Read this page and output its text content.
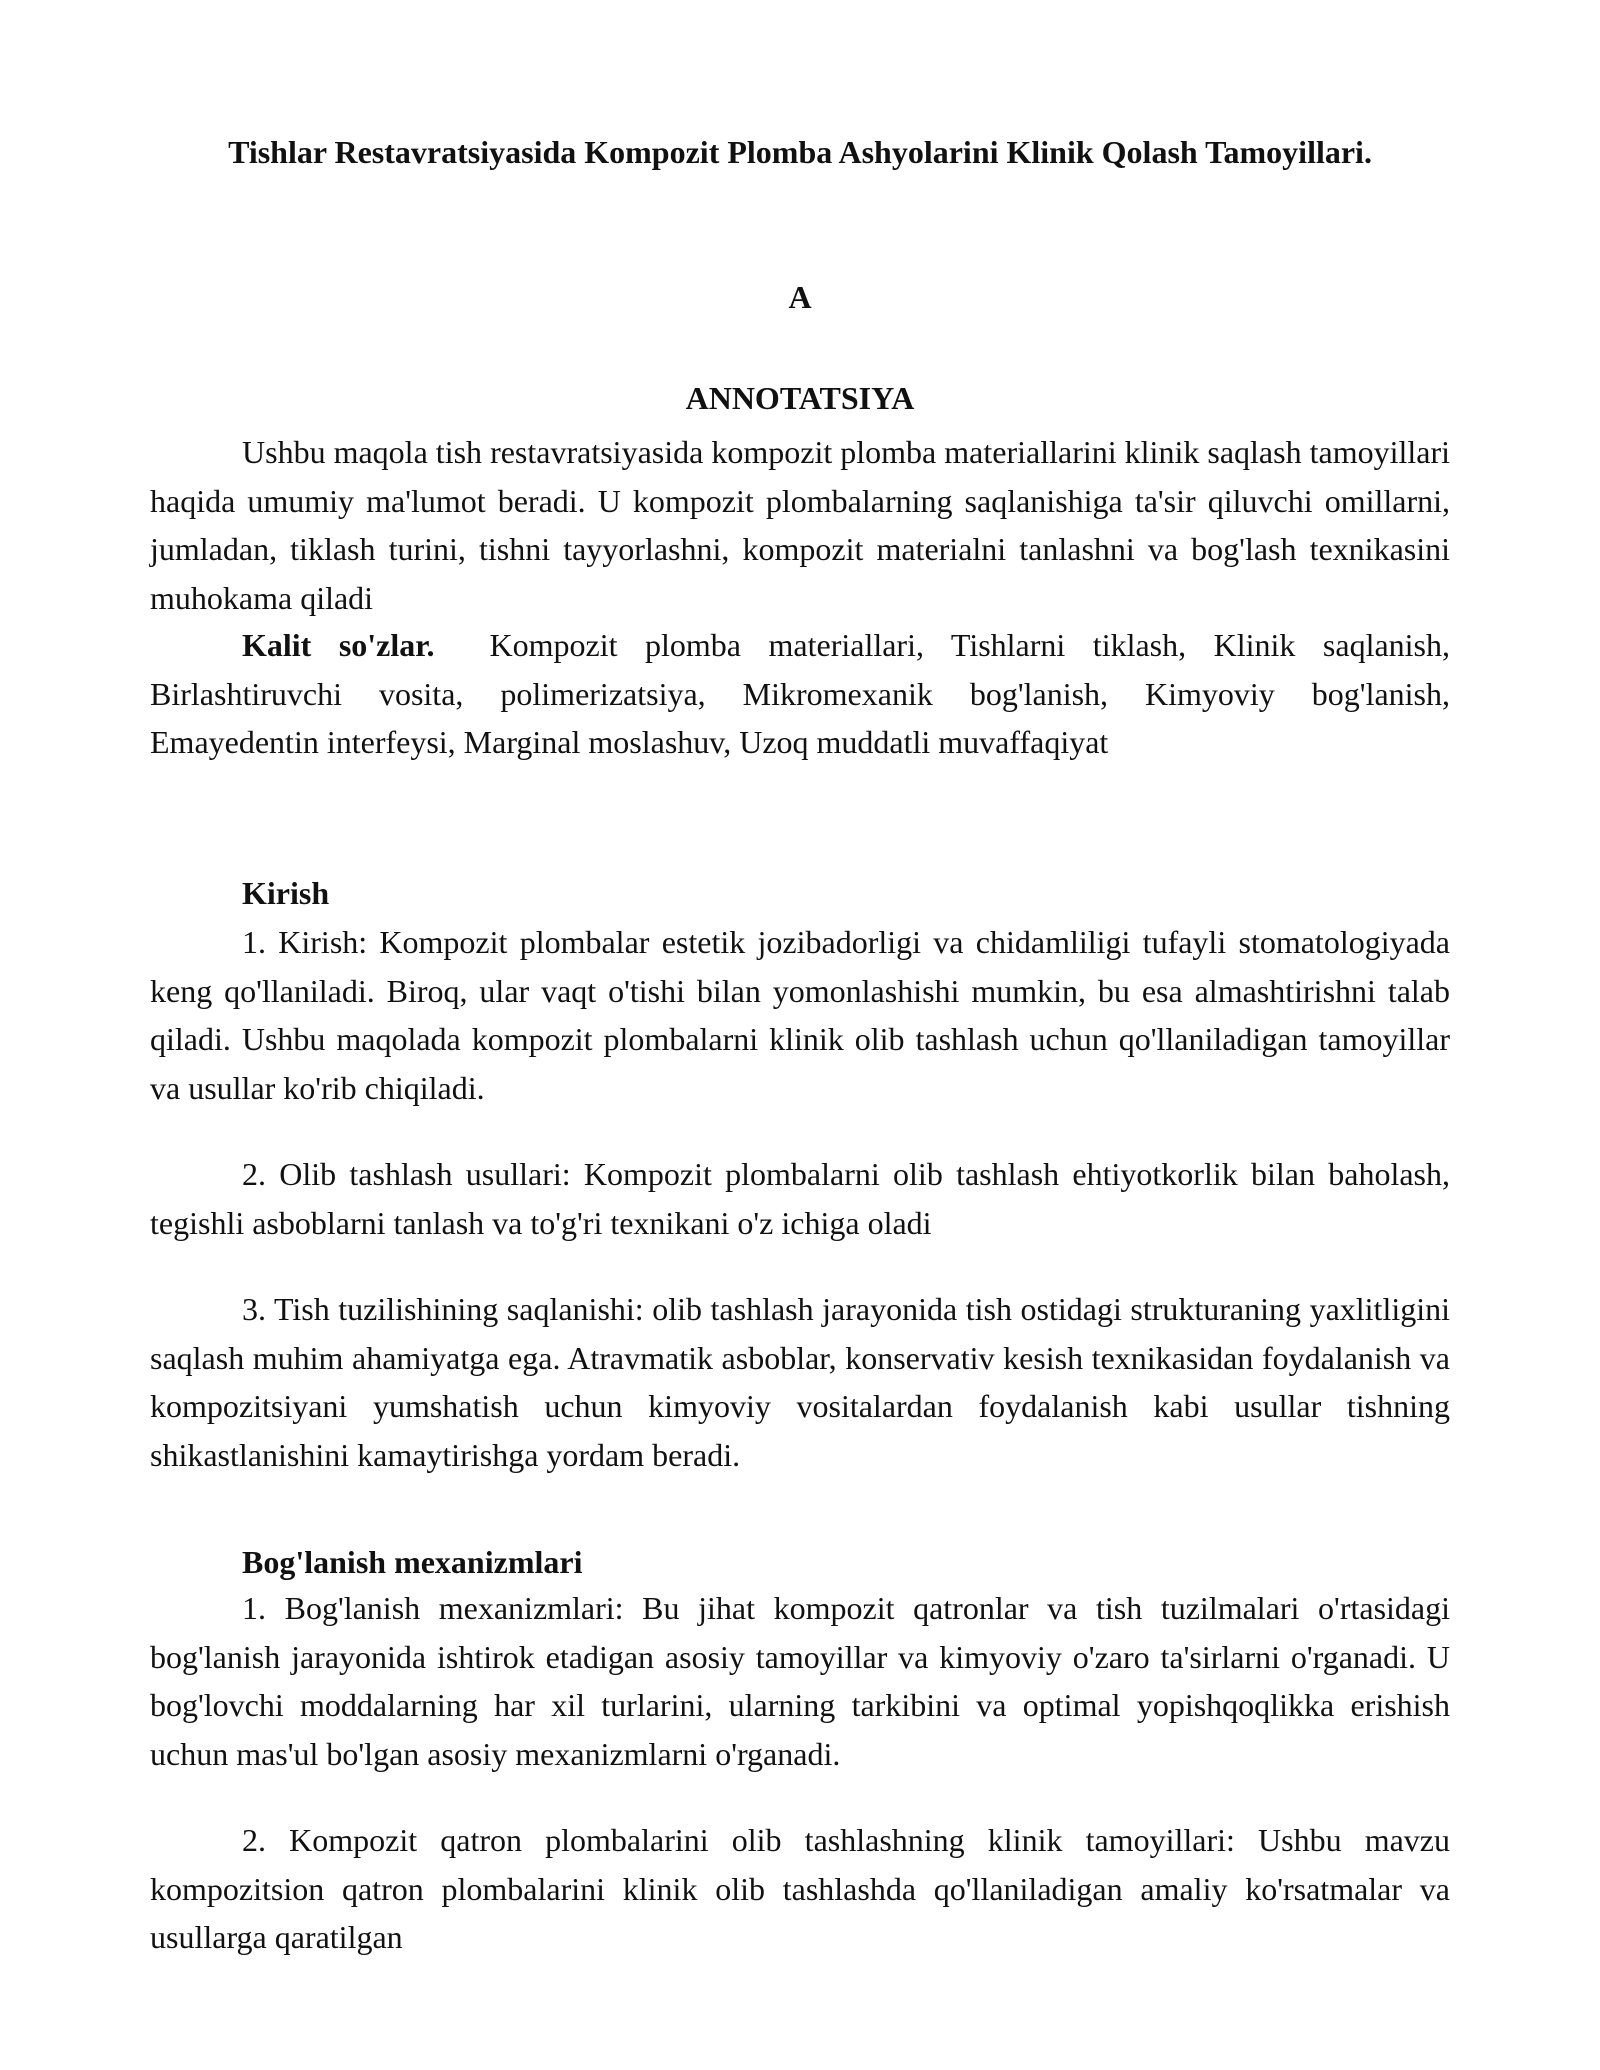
Tishlar Restavratsiyasida Kompozit Plomba Ashyolarini Klinik Qolash Tamoyillari.
A
ANNOTATSIYA

Ushbu maqola tish restavratsiyasida kompozit plomba materiallarini klinik saqlash tamoyillari haqida umumiy ma'lumot beradi. U kompozit plombalarning saqlanishiga ta'sir qiluvchi omillarni, jumladan, tiklash turini, tishni tayyorlashni, kompozit materialni tanlashni va bog'lash texnikasini muhokama qiladi

Kalit so'zlar. Kompozit plomba materiallari, Tishlarni tiklash, Klinik saqlanish, Birlashtiruvchi vosita, polimerizatsiya, Mikromexanik bog'lanish, Kimyoviy bog'lanish, Emayedentin interfeysi, Marginal moslashuv, Uzoq muddatli muvaffaqiyat

Kirish

1. Kirish: Kompozit plombalar estetik jozibadorligi va chidamliligi tufayli stomatologiyada keng qo'llaniladi. Biroq, ular vaqt o'tishi bilan yomonlashishi mumkin, bu esa almashtirishni talab qiladi. Ushbu maqolada kompozit plombalarni klinik olib tashlash uchun qo'llaniladigan tamoyillar va usullar ko'rib chiqiladi.

2. Olib tashlash usullari: Kompozit plombalarni olib tashlash ehtiyotkorlik bilan baholash, tegishli asboblarni tanlash va to'g'ri texnikani o'z ichiga oladi

3. Tish tuzilishining saqlanishi: olib tashlash jarayonida tish ostidagi strukturaning yaxlitligini saqlash muhim ahamiyatga ega. Atravmatik asboblar, konservativ kesish texnikasidan foydalanish va kompozitsiyani yumshatish uchun kimyoviy vositalardan foydalanish kabi usullar tishning shikastlanishini kamaytirishga yordam beradi.

Bog'lanish mexanizmlari

1. Bog'lanish mexanizmlari: Bu jihat kompozit qatronlar va tish tuzilmalari o'rtasidagi bog'lanish jarayonida ishtirok etadigan asosiy tamoyillar va kimyoviy o'zaro ta'sirlarni o'rganadi. U bog'lovchi moddalarning har xil turlarini, ularning tarkibini va optimal yopishqoqlikka erishish uchun mas'ul bo'lgan asosiy mexanizmlarni o'rganadi.

2. Kompozit qatron plombalarini olib tashlashning klinik tamoyillari: Ushbu mavzu kompozitsion qatron plombalarini klinik olib tashlashda qo'llaniladigan amaliy ko'rsatmalar va usullarga qaratilgan
